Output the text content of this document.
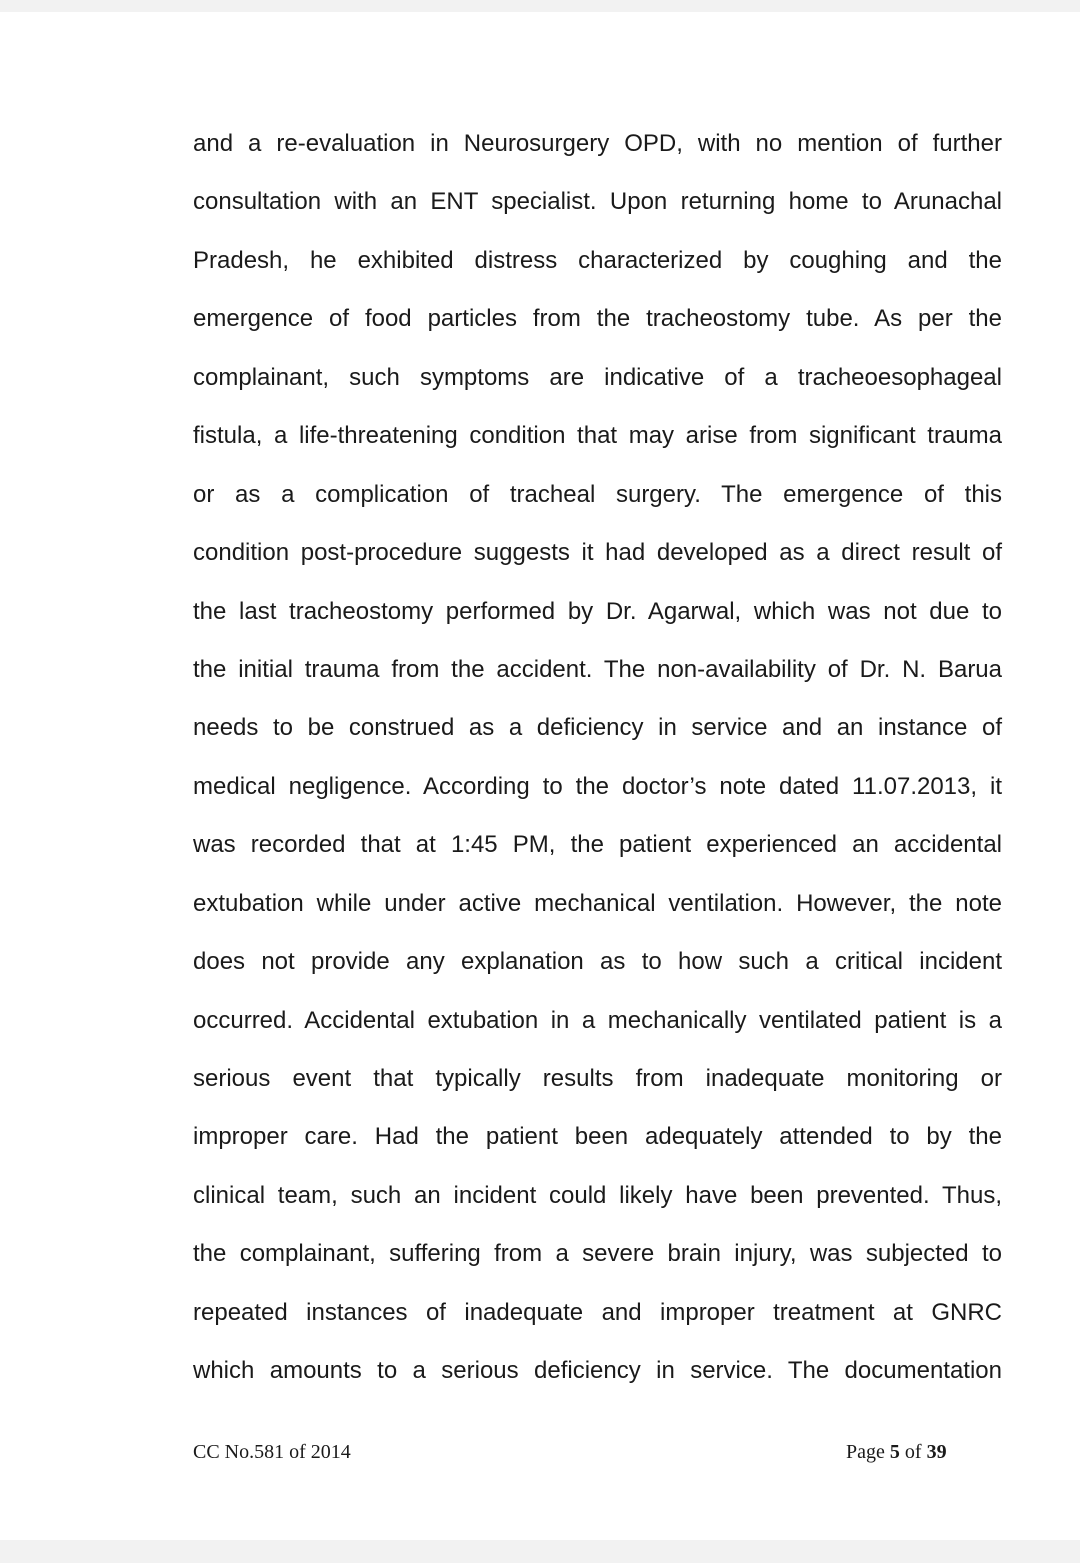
and a re-evaluation in Neurosurgery OPD, with no mention of further
consultation with an ENT specialist. Upon returning home to Arunachal
Pradesh, he exhibited distress characterized by coughing and the
emergence of food particles from the tracheostomy tube. As per the
complainant, such symptoms are indicative of a tracheoesophageal
fistula, a life-threatening condition that may arise from significant trauma
or as a complication of tracheal surgery. The emergence of this
condition post-procedure suggests it had developed as a direct result of
the last tracheostomy performed by Dr. Agarwal, which was not due to
the initial trauma from the accident. The non-availability of Dr. N. Barua
needs to be construed as a deficiency in service and an instance of
medical negligence. According to the doctor’s note dated 11.07.2013, it
was recorded that at 1:45 PM, the patient experienced an accidental
extubation while under active mechanical ventilation. However, the note
does not provide any explanation as to how such a critical incident
occurred. Accidental extubation in a mechanically ventilated patient is a
serious event that typically results from inadequate monitoring or
improper care. Had the patient been adequately attended to by the
clinical team, such an incident could likely have been prevented. Thus,
the complainant, suffering from a severe brain injury, was subjected to
repeated instances of inadequate and improper treatment at GNRC
which amounts to a serious deficiency in service. The documentation
CC No.581 of 2014	Page 5 of 39
